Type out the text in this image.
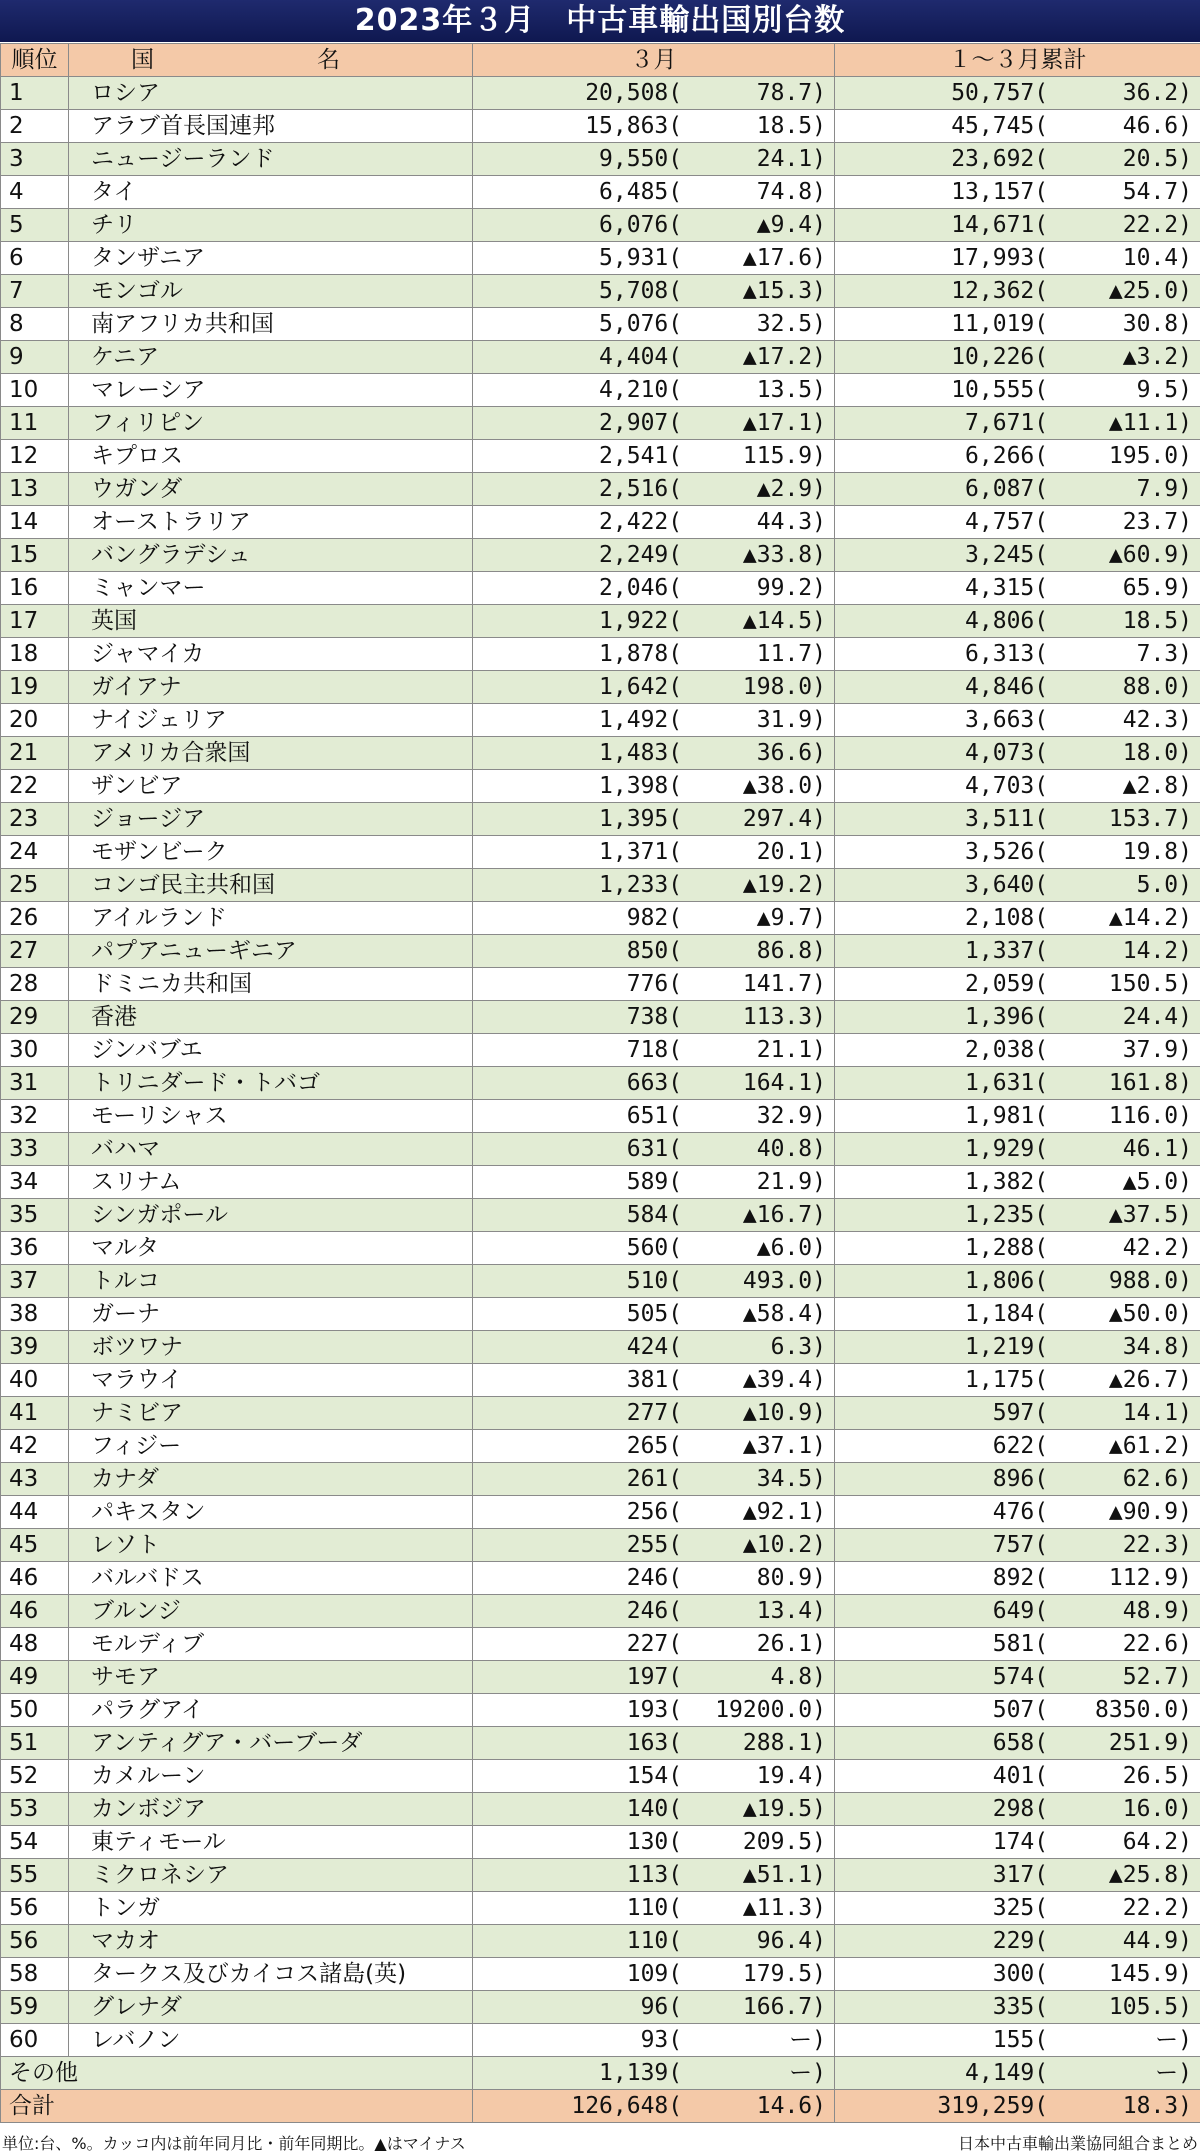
2023年３月　中古車輸出国別台数
順位	国　名	３月	１～３月累計
1	ロシア	20,508( 78.7)	50,757( 36.2)
2	アラブ首長国連邦	15,863( 18.5)	45,745( 46.6)
3	ニュージーランド	9,550( 24.1)	23,692( 20.5)
4	タイ	6,485( 74.8)	13,157( 54.7)
5	チリ	6,076( ▲9.4)	14,671( 22.2)
6	タンザニア	5,931( ▲17.6)	17,993( 10.4)
7	モンゴル	5,708( ▲15.3)	12,362( ▲25.0)
8	南アフリカ共和国	5,076( 32.5)	11,019( 30.8)
9	ケニア	4,404( ▲17.2)	10,226( ▲3.2)
10	マレーシア	4,210( 13.5)	10,555( 9.5)
11	フィリピン	2,907( ▲17.1)	7,671( ▲11.1)
12	キプロス	2,541( 115.9)	6,266( 195.0)
13	ウガンダ	2,516( ▲2.9)	6,087( 7.9)
14	オーストラリア	2,422( 44.3)	4,757( 23.7)
15	バングラデシュ	2,249( ▲33.8)	3,245( ▲60.9)
16	ミャンマー	2,046( 99.2)	4,315( 65.9)
17	英国	1,922( ▲14.5)	4,806( 18.5)
18	ジャマイカ	1,878( 11.7)	6,313( 7.3)
19	ガイアナ	1,642( 198.0)	4,846( 88.0)
20	ナイジェリア	1,492( 31.9)	3,663( 42.3)
21	アメリカ合衆国	1,483( 36.6)	4,073( 18.0)
22	ザンビア	1,398( ▲38.0)	4,703( ▲2.8)
23	ジョージア	1,395( 297.4)	3,511( 153.7)
24	モザンビーク	1,371( 20.1)	3,526( 19.8)
25	コンゴ民主共和国	1,233( ▲19.2)	3,640( 5.0)
26	アイルランド	982( ▲9.7)	2,108( ▲14.2)
27	パプアニューギニア	850( 86.8)	1,337( 14.2)
28	ドミニカ共和国	776( 141.7)	2,059( 150.5)
29	香港	738( 113.3)	1,396( 24.4)
30	ジンバブエ	718( 21.1)	2,038( 37.9)
31	トリニダード・トバゴ	663( 164.1)	1,631( 161.8)
32	モーリシャス	651( 32.9)	1,981( 116.0)
33	バハマ	631( 40.8)	1,929( 46.1)
34	スリナム	589( 21.9)	1,382( ▲5.0)
35	シンガポール	584( ▲16.7)	1,235( ▲37.5)
36	マルタ	560( ▲6.0)	1,288( 42.2)
37	トルコ	510( 493.0)	1,806( 988.0)
38	ガーナ	505( ▲58.4)	1,184( ▲50.0)
39	ボツワナ	424( 6.3)	1,219( 34.8)
40	マラウイ	381( ▲39.4)	1,175( ▲26.7)
41	ナミビア	277( ▲10.9)	597( 14.1)
42	フィジー	265( ▲37.1)	622( ▲61.2)
43	カナダ	261( 34.5)	896( 62.6)
44	パキスタン	256( ▲92.1)	476( ▲90.9)
45	レソト	255( ▲10.2)	757( 22.3)
46	バルバドス	246( 80.9)	892( 112.9)
46	ブルンジ	246( 13.4)	649( 48.9)
48	モルディブ	227( 26.1)	581( 22.6)
49	サモア	197( 4.8)	574( 52.7)
50	パラグアイ	193( 19200.0)	507( 8350.0)
51	アンティグア・バーブーダ	163( 288.1)	658( 251.9)
52	カメルーン	154( 19.4)	401( 26.5)
53	カンボジア	140( ▲19.5)	298( 16.0)
54	東ティモール	130( 209.5)	174( 64.2)
55	ミクロネシア	113( ▲51.1)	317( ▲25.8)
56	トンガ	110( ▲11.3)	325( 22.2)
56	マカオ	110( 96.4)	229( 44.9)
58	タークス及びカイコス諸島(英)	109( 179.5)	300( 145.9)
59	グレナダ	96( 166.7)	335( 105.5)
60	レバノン	93( ー)	155( ー)
その他		1,139( ー)	4,149( ー)
合計		126,648( 14.6)	319,259( 18.3)
単位:台、%。カッコ内は前年同月比・前年同期比。▲はマイナス	日本中古車輸出業協同組合まとめ
